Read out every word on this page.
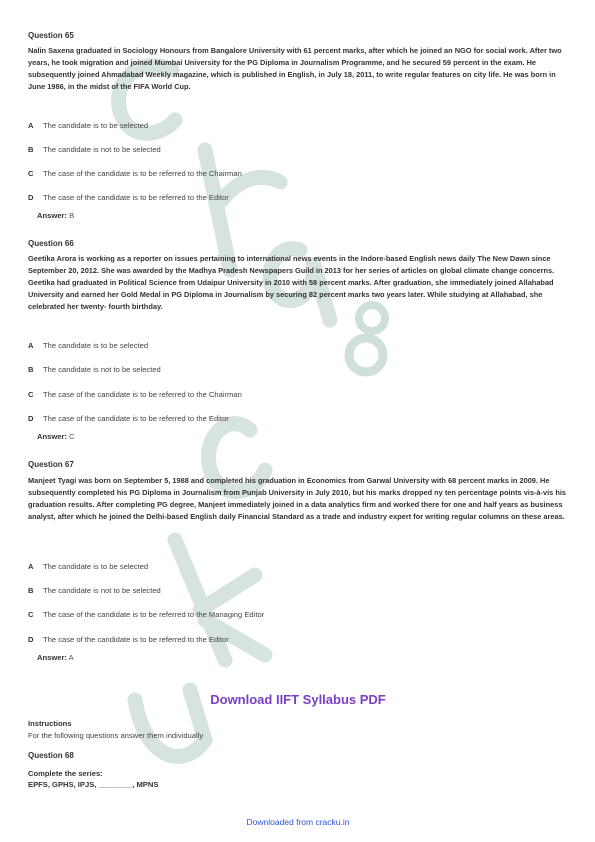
Question 65
Nalin Saxena graduated in Sociology Honours from Bangalore University with 61 percent marks, after which he joined an NGO for social work. After two years, he took migration and joined Mumbai University for the PG Diploma in Journalism Programme, and he secured 59 percent in the exam. He subsequently joined Ahmadabad Weekly magazine, which is published in English, in July 18, 2011, to write regular features on city life. He was born in June 1986, in the midst of the FIFA World Cup.
A The candidate is to be selected
B The candidate is not to be selected
C The case of the candidate is to be referred to the Chairman
D The case of the candidate is to be referred to the Editor
Answer: B
Question 66
Geetika Arora is working as a reporter on issues pertaining to international news events in the Indore-based English news daily The New Dawn since September 20, 2012. She was awarded by the Madhya Pradesh Newspapers Guild in 2013 for her series of articles on global climate change concerns. Geetika had graduated in Political Science from Udaipur University in 2010 with 58 percent marks. After graduation, she immediately joined Allahabad University and earned her Gold Medal in PG Diploma in Journalism by securing 82 percent marks two years later. While studying at Allahabad, she celebrated her twenty- fourth birthday.
A The candidate is to be selected
B The candidate is not to be selected
C The case of the candidate is to be referred to the Chairman
D The case of the candidate is to be referred to the Editor
Answer: C
Question 67
Manjeet Tyagi was born on September 5, 1988 and completed his graduation in Economics from Garwal University with 68 percent marks in 2009. He subsequently completed his PG Diploma in Journalism from Punjab University in July 2010, but his marks dropped ny ten percentage points vis-à-vis his graduation results. After completing PG degree, Manjeet immediately joined in a data analytics firm and worked there for one and half years as business analyst, after which he joined the Delhi-based English daily Financial Standard as a trade and industry expert for writing regular columns on these areas.
A The candidate is to be selected
B The candidate is not to be selected
C The case of the candidate is to be referred to the Managing Editor
D The case of the candidate is to be referred to the Editor
Answer: A
Download IIFT Syllabus PDF
Instructions
For the following questions answer them individually
Question 68
Complete the series:
EPFS, GPHS, IPJS, ________, MPNS
Downloaded from cracku.in
